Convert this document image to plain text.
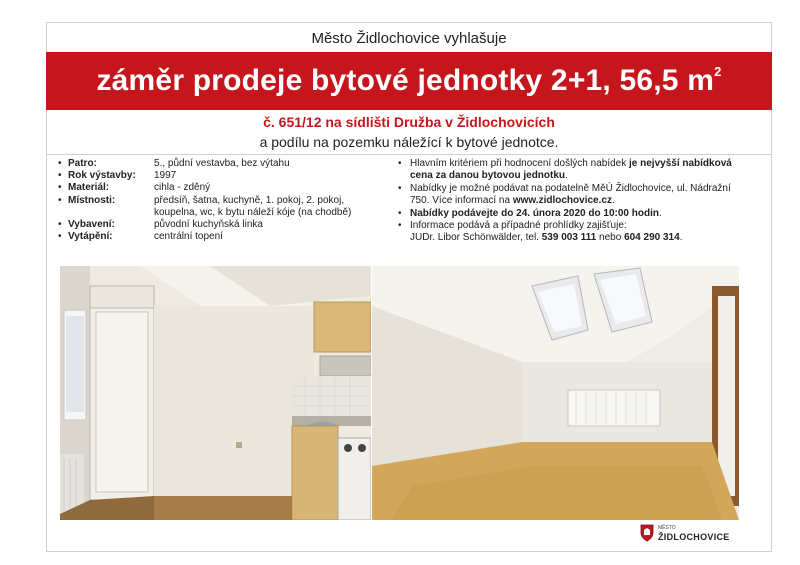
Město Židlochovice vyhlašuje
záměr prodeje bytové jednotky 2+1, 56,5 $m^2$
č. 651/12 na sídlišti Družba v Židlochovicích
a podílu na pozemku náležící k bytové jednotce.
• Patro:	5., půdní vestavba, bez výtahu
• Rok výstavby:	1997
• Materiál:	cihla - zděný
• Místnosti:	předsíň, šatna, kuchyně, 1. pokoj, 2. pokoj,
koupelna, wc, k bytu náleží kóje (na chodbě)
• Vybavení:	původní kuchyňská linka
• Vytápění:	centrální topení
• Hlavním kritériem při hodnocení došlých nabídek je nejvyšší nabídková cena za danou bytovou jednotku.
• Nabídky je možné podávat na podatelně MěÚ Židlochovice, ul. Nádražní 750. Více informací na www.zidlochovice.cz.
• Nabídky podávejte do 24. února 2020 do 10:00 hodin.
• Informace podává a případné prohlídky zajišťuje:
JUDr. Libor Schönwälder, tel. 539 003 111 nebo 604 290 314.
MĚSTO
ŽIDLOCHOVICE
